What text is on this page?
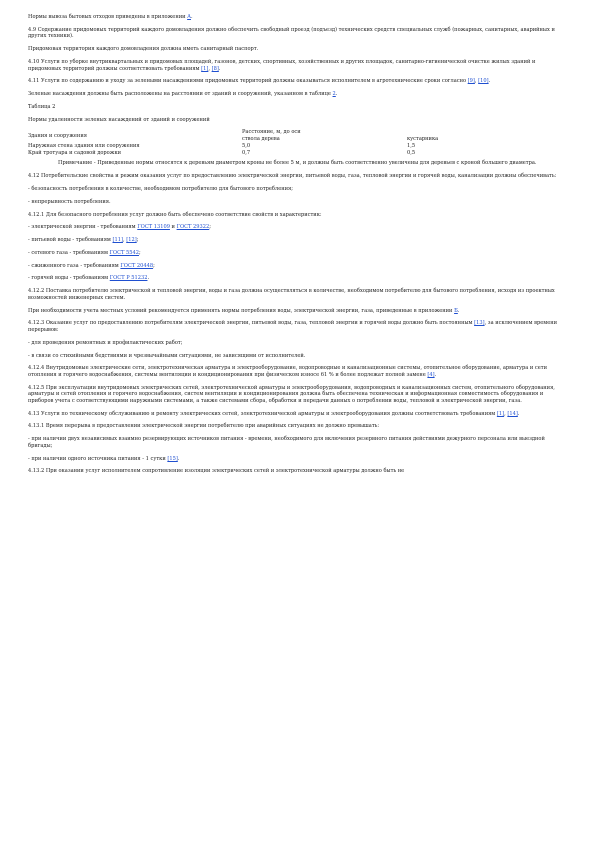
Нормы вывоза бытовых отходов приведены в приложении А.

4.9 Содержание придомовых территорий каждого домовладения должно обеспечить свободный проезд (подъезд) технических средств специальных служб (пожарных, санитарных, аварийных и других техники).

Придомовая территория каждого домовладения должна иметь санитарный паспорт.

4.10 Услуги по уборке внутриквартальных и придомовых площадей, газонов, детских, спортивных, хозяйственных и других площадок, санитарно-гигиенической очистке жилых зданий и придомовых территорий должны соответствовать требованиям [1], [8].

4.11 Услуги по содержанию и уходу за зелеными насаждениями придомовых территорий должны оказываться исполнителем в агротехнические сроки согласно [9], [10].

Зеленые насаждения должны быть расположены на расстоянии от зданий и сооружений, указанном в таблице 2.

Таблица 2

Нормы удаленности зеленых насаждений от зданий и сооружений

Здания и сооружения	Расстояние, м, до оси	
	ствола дерева	кустарника
Наружная стена здания или сооружения	5,0	1,5
Край тротуара и садовой дорожки	0,7	0,5

Примечание - Приведенные нормы относятся к деревьям диаметром кроны не более 5 м, и должны быть соответственно увеличены для деревьев с кроной большего диаметра.

4.12 Потребительские свойства и режим оказания услуг по предоставлению электрической энергии, питьевой воды, газа, тепловой энергии и горячей воды, канализации должны обеспечивать:

- безопасность потребления в количестве, необходимом потребителю для бытового потребления;

- непрерывность потребления.

4.12.1 Для безопасного потребления услуг должно быть обеспечено соответствие свойств и характеристик:

- электрической энергии - требованиям ГОСТ 13109 и ГОСТ 29322;

- питьевой воды - требованиям [11], [12];

- сетевого газа - требованиям ГОСТ 5542;

- сжиженного газа - требованиям ГОСТ 20448;

- горячей воды - требованиям ГОСТ Р 51232.

4.12.2 Поставка потребителю электрической и тепловой энергии, воды и газа должна осуществляться в количестве, необходимом потребителю для бытового потребления, исходя из проектных возможностей инженерных систем.

При необходимости учета местных условий рекомендуется применять нормы потребления воды, электрической энергии, газа, приведенные в приложении Б.

4.12.3 Оказание услуг по предоставлению потребителям электрической энергии, питьевой воды, газа, тепловой энергии и горячей воды должно быть постоянным [13], за исключением времени перерывов:

- для проведения ремонтных и профилактических работ;

- в связи со стихийными бедствиями и чрезвычайными ситуациями, не зависящими от исполнителей.

4.12.4 Внутридомовые электрические сети, электротехническая арматура и электрооборудование, водопроводные и канализационные системы, отопительное оборудование, арматура и сети отопления и горячего водоснабжения, системы вентиляции и кондиционирования при физическом износе 61 % и более подлежат полной замене [4].

4.12.5 При эксплуатации внутридомовых электрических сетей, электротехнической арматуры и электрооборудования, водопроводных и канализационных систем, отопительного оборудования, арматуры и сетей отопления и горячего водоснабжения, систем вентиляции и кондиционирования должна быть обеспечена техническая и информационная совместимость оборудования и приборов учета с соответствующими наружными системами, а также системами сбора, обработки и передачи данных о потреблении воды, тепловой и электрической энергии, газа.

4.13 Услуги по техническому обслуживанию и ремонту электрических сетей, электротехнической арматуры и электрооборудования должны соответствовать требованиям [1], [14].

4.13.1 Время перерыва в предоставлении электрической энергии потребителю при аварийных ситуациях не должно превышать:

- при наличии двух независимых взаимно резервирующих источников питания - времени, необходимого для включения резервного питания действиями дежурного персонала или выездной бригады;

- при наличии одного источника питания - 1 сутки [15].

4.13.2 При оказании услуг исполнителем сопротивление изоляции электрических сетей и электротехнической арматуры должно быть не
